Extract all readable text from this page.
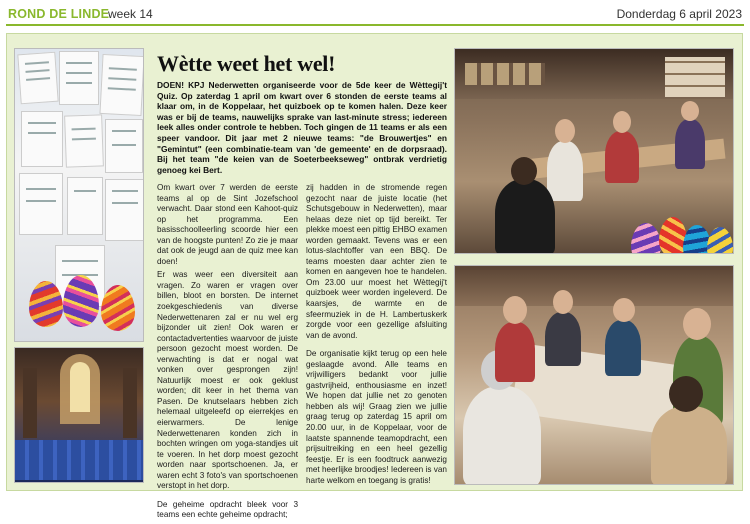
ROND DE LINDE
week 14	Donderdag 6 april 2023
Wètte weet het wel!
DOEN! KPJ Nederwetten organiseerde voor de 5de keer de Wèttegij't Quiz. Op zaterdag 1 april om kwart over 6 stonden de eerste teams al klaar om, in de Koppelaar, het quizboek op te komen halen. Deze keer was er bij de teams, nauwelijks sprake van last-minute stress; iedereen leek alles onder controle te hebben. Toch gingen de 11 teams er als een speer vandoor. Dit jaar met 2 nieuwe teams: "de Brouwertjes" en "Gemintut" (een combinatie-team van 'de gemeente' en de dorpsraad). Bij het team "de keien van de Soeterbeekseweg" ontbrak verdrietig genoeg kei Bert.

Om kwart over 7 werden de eerste teams al op de Sint Jozefschool verwacht. Daar stond een Kahoot-quiz op het programma. Een basisschoolleerling scoorde hier een van de hoogste punten! Zo zie je maar dat ook de jeugd aan de quiz mee kan doen!

Er was weer een diversiteit aan vragen. Zo waren er vragen over billen, bloot en borsten. De internet zoekgeschiedenis van diverse Nederwettenaren zal er nu wel erg bijzonder uit zien! Ook waren er contactadvertenties waarvoor de juiste persoon gezocht moest worden. De verwachting is dat er nogal wat vonken over gesprongen zijn! Natuurlijk moest er ook geklust worden; dit keer in het thema van Pasen. De knutselaars hebben zich helemaal uitgeleefd op eierrekjes en eierwarmers. De lenige Nederwettenaren konden zich in bochten wringen om yoga-standjes uit te voeren. In het dorp moest gezocht worden naar sportschoenen. Ja, er waren echt 3 foto's van sportschoenen verstopt in het dorp.

De geheime opdracht bleek voor 3 teams een echte geheime opdracht;

zij hadden in de stromende regen gezocht naar de juiste locatie (het Schutsgebouw in Nederwetten), maar helaas deze niet op tijd bereikt. Ter plekke moest een pittig EHBO examen worden gemaakt. Tevens was er een lotus-slachtoffer van een BBQ. De teams moesten daar achter zien te komen en aangeven hoe te handelen. Om 23.00 uur moest het Wèttegij't quizboek weer worden ingeleverd. De kaarsjes, de warmte en de sfeermuziek in de H. Lambertuskerk zorgde voor een gezellige afsluiting van de avond.

De organisatie kijkt terug op een hele geslaagde avond. Alle teams en vrijwilligers bedankt voor jullie gastvrijheid, enthousiasme en inzet! We hopen dat jullie net zo genoten hebben als wij! Graag zien we jullie graag terug op zaterdag 15 april om 20.00 uur, in de Koppelaar, voor de laatste spannende teamopdracht, een prijsuitreiking en een heel gezellig feestje. Er is een foodtruck aanwezig met heerlijke broodjes! Iedereen is van harte welkom en toegang is gratis!
